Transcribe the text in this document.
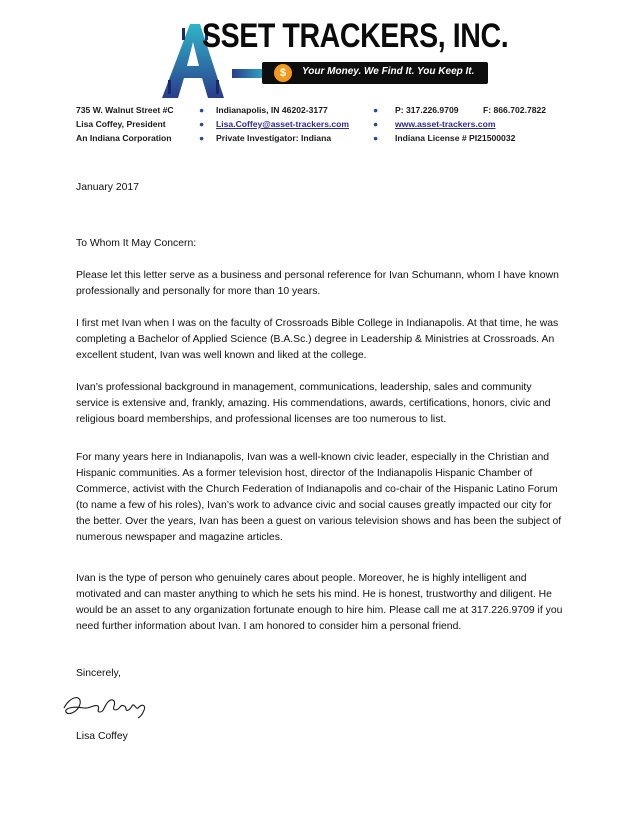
SSET TRACKERS, INC.
$	Your Money. We Find It. You Keep It.
735 W. Walnut Street #C	● Indianapolis, IN 46202-3177	● P: 317.226.9709	F: 866.702.7822
Lisa Coffey, President	● Lisa.Coffey@asset-trackers.com	● www.asset-trackers.com
An Indiana Corporation	● Private Investigator: Indiana	● Indiana License # PI21500032
January 2017
To Whom It May Concern:
Please let this letter serve as a business and personal reference for Ivan Schumann, whom I have known professionally and personally for more than 10 years.
I first met Ivan when I was on the faculty of Crossroads Bible College in Indianapolis. At that time, he was completing a Bachelor of Applied Science (B.A.Sc.) degree in Leadership & Ministries at Crossroads. An excellent student, Ivan was well known and liked at the college.
Ivan’s professional background in management, communications, leadership, sales and community service is extensive and, frankly, amazing. His commendations, awards, certifications, honors, civic and religious board memberships, and professional licenses are too numerous to list.
For many years here in Indianapolis, Ivan was a well-known civic leader, especially in the Christian and Hispanic communities. As a former television host, director of the Indianapolis Hispanic Chamber of Commerce, activist with the Church Federation of Indianapolis and co-chair of the Hispanic Latino Forum (to name a few of his roles), Ivan’s work to advance civic and social causes greatly impacted our city for the better. Over the years, Ivan has been a guest on various television shows and has been the subject of numerous newspaper and magazine articles.
Ivan is the type of person who genuinely cares about people. Moreover, he is highly intelligent and motivated and can master anything to which he sets his mind. He is honest, trustworthy and diligent. He would be an asset to any organization fortunate enough to hire him. Please call me at 317.226.9709 if you need further information about Ivan. I am honored to consider him a personal friend.
Sincerely,
Lisa Coffey
